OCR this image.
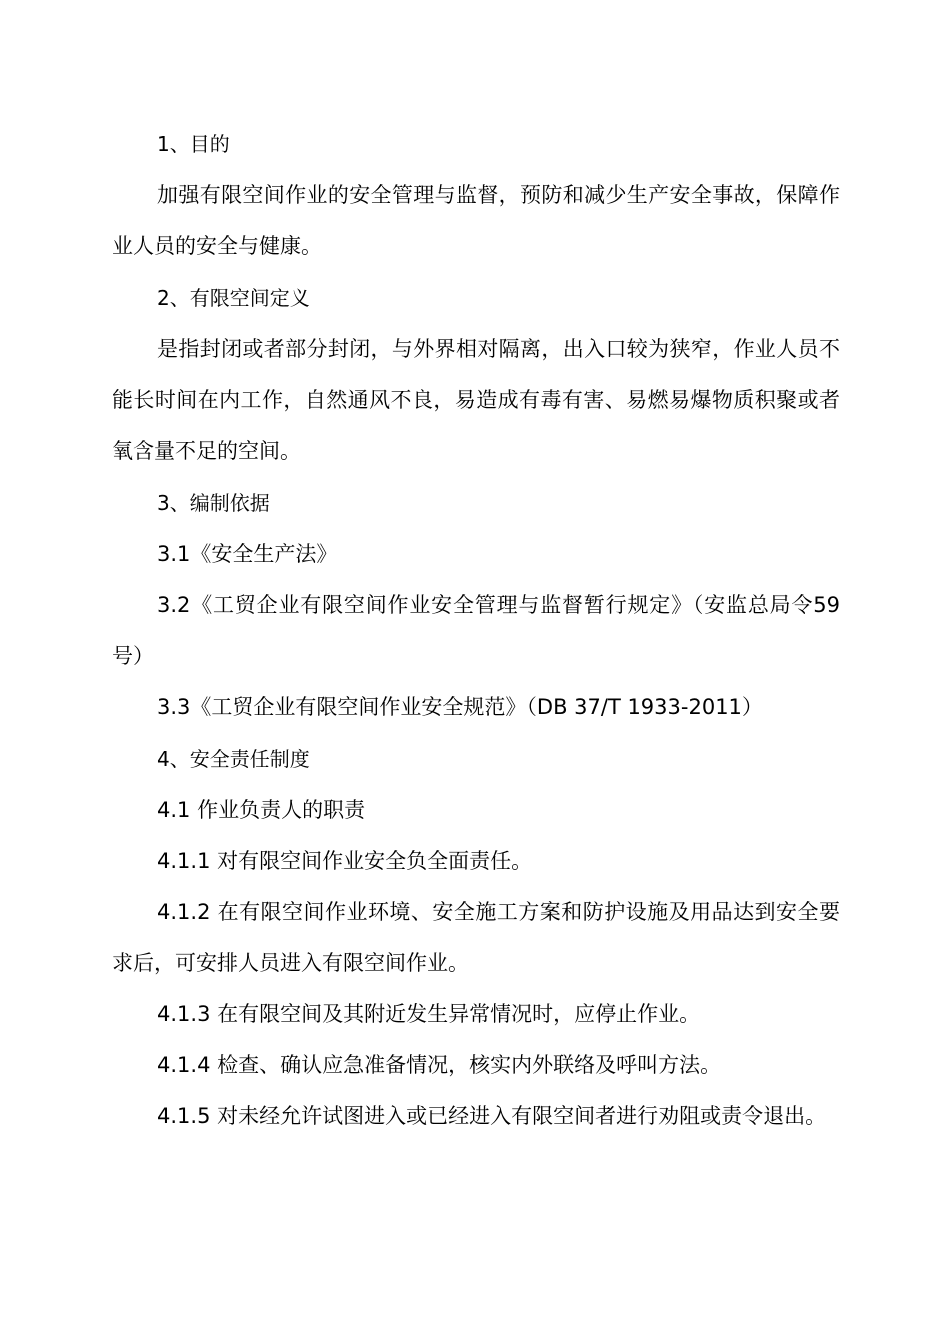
1、目的

加强有限空间作业的安全管理与监督，预防和减少生产安全事故，保障作业人员的安全与健康。

2、有限空间定义

是指封闭或者部分封闭，与外界相对隔离，出入口较为狭窄，作业人员不能长时间在内工作，自然通风不良，易造成有毒有害、易燃易爆物质积聚或者氧含量不足的空间。

3、编制依据
3.1《安全生产法》

3.2《工贸企业有限空间作业安全管理与监督暂行规定》（安监总局令59号）

3.3《工贸企业有限空间作业安全规范》（DB 37/T 1933-2011）
4、安全责任制度
4.1 作业负责人的职责
4.1.1 对有限空间作业安全负全面责任。

4.1.2 在有限空间作业环境、安全施工方案和防护设施及用品达到安全要求后，可安排人员进入有限空间作业。

4.1.3 在有限空间及其附近发生异常情况时，应停止作业。
4.1.4 检查、确认应急准备情况，核实内外联络及呼叫方法。

4.1.5 对未经允许试图进入或已经进入有限空间者进行劝阻或责令退出。
